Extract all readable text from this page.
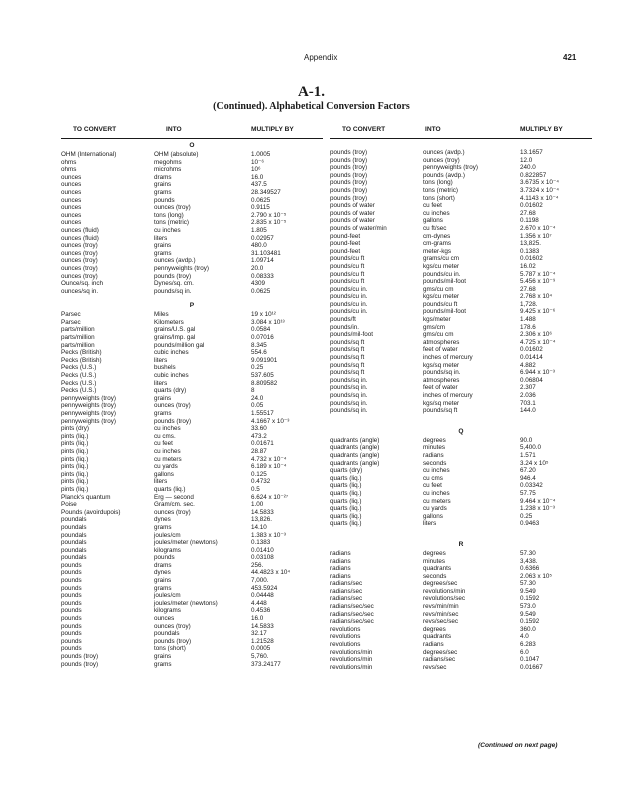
Appendix	421
A-1.
(Continued). Alphabetical Conversion Factors
TO CONVERT	INTO	MULTIPLY BY
O
OHM (International)	OHM (absolute)	1.0005
ohms	megohms	10⁻⁶
ohms	microhms	10⁶
ounces	drams	16.0
ounces	grains	437.5
ounces	grams	28.349527
ounces	pounds	0.0625
ounces	ounces (troy)	0.9115
ounces	tons (long)	2.790 x 10⁻⁵
ounces	tons (metric)	2.835 x 10⁻⁵
ounces (fluid)	cu inches	1.805
ounces (fluid)	liters	0.02957
ounces (troy)	grains	480.0
ounces (troy)	grams	31.103481
ounces (troy)	ounces (avdp.)	1.09714
ounces (troy)	pennyweights (troy)	20.0
ounces (troy)	pounds (troy)	0.08333
Ounce/sq. inch	Dynes/sq. cm.	4309
ounces/sq in.	pounds/sq in.	0.0625
P
Parsec	Miles	19 x 10¹²
Parsec	Kilometers	3.084 x 10¹³
parts/million	grains/U.S. gal	0.0584
parts/million	grains/Imp. gal	0.07016
parts/million	pounds/million gal	8.345
Pecks (British)	cubic inches	554.6
Pecks (British)	liters	9.091901
Pecks (U.S.)	bushels	0.25
Pecks (U.S.)	cubic inches	537.605
Pecks (U.S.)	liters	8.809582
Pecks (U.S.)	quarts (dry)	8
pennyweights (troy)	grains	24.0
pennyweights (troy)	ounces (troy)	0.05
pennyweights (troy)	grams	1.55517
pennyweights (troy)	pounds (troy)	4.1667 x 10⁻³
pints (dry)	cu inches	33.60
pints (liq.)	cu cms.	473.2
pints (liq.)	cu feet	0.01671
pints (liq.)	cu inches	28.87
pints (liq.)	cu meters	4.732 x 10⁻⁴
pints (liq.)	cu yards	6.189 x 10⁻⁴
pints (liq.)	gallons	0.125
pints (liq.)	liters	0.4732
pints (liq.)	quarts (liq.)	0.5
Planck's quantum	Erg — second	6.624 x 10⁻²⁷
Poise	Gram/cm. sec.	1.00
Pounds (avoirdupois)	ounces (troy)	14.5833
poundals	dynes	13,826.
poundals	grams	14.10
poundals	joules/cm	1.383 x 10⁻³
poundals	joules/meter (newtons)	0.1383
poundals	kilograms	0.01410
poundals	pounds	0.03108
pounds	drams	256.
pounds	dynes	44.4823 x 10⁴
pounds	grains	7,000.
pounds	grams	453.5924
pounds	joules/cm	0.04448
pounds	joules/meter (newtons)	4.448
pounds	kilograms	0.4536
pounds	ounces	16.0
pounds	ounces (troy)	14.5833
pounds	poundals	32.17
pounds	pounds (troy)	1.21528
pounds	tons (short)	0.0005
pounds (troy)	grains	5,760.
pounds (troy)	grams	373.24177
TO CONVERT	INTO	MULTIPLY BY
pounds (troy)	ounces (avdp.)	13.1657
pounds (troy)	ounces (troy)	12.0
pounds (troy)	pennyweights (troy)	240.0
pounds (troy)	pounds (avdp.)	0.822857
pounds (troy)	tons (long)	3.6735 x 10⁻⁴
pounds (troy)	tons (metric)	3.7324 x 10⁻⁴
pounds (troy)	tons (short)	4.1143 x 10⁻⁴
pounds of water	cu feet	0.01602
pounds of water	cu inches	27.68
pounds of water	gallons	0.1198
pounds of water/min	cu ft/sec	2.670 x 10⁻⁴
pound-feet	cm-dynes	1.356 x 10⁷
pound-feet	cm-grams	13,825.
pound-feet	meter-kgs	0.1383
pounds/cu ft	grams/cu cm	0.01602
pounds/cu ft	kgs/cu meter	16.02
pounds/cu ft	pounds/cu in.	5.787 x 10⁻⁴
pounds/cu ft	pounds/mil-foot	5.456 x 10⁻⁹
pounds/cu in.	gms/cu cm	27.68
pounds/cu in.	kgs/cu meter	2.768 x 10⁴
pounds/cu in.	pounds/cu ft	1,728.
pounds/cu in.	pounds/mil-foot	9.425 x 10⁻⁶
pounds/ft	kgs/meter	1.488
pounds/in.	gms/cm	178.6
pounds/mil-foot	gms/cu cm	2.306 x 10⁶
pounds/sq ft	atmospheres	4.725 x 10⁻⁴
pounds/sq ft	feet of water	0.01602
pounds/sq ft	inches of mercury	0.01414
pounds/sq ft	kgs/sq meter	4.882
pounds/sq ft	pounds/sq in.	6.944 x 10⁻³
pounds/sq in.	atmospheres	0.06804
pounds/sq in.	feet of water	2.307
pounds/sq in.	inches of mercury	2.036
pounds/sq in.	kgs/sq meter	703.1
pounds/sq in.	pounds/sq ft	144.0
Q
quadrants (angle)	degrees	90.0
quadrants (angle)	minutes	5,400.0
quadrants (angle)	radians	1.571
quadrants (angle)	seconds	3.24 x 10⁵
quarts (dry)	cu inches	67.20
quarts (liq.)	cu cms	946.4
quarts (liq.)	cu feet	0.03342
quarts (liq.)	cu inches	57.75
quarts (liq.)	cu meters	9.464 x 10⁻⁴
quarts (liq.)	cu yards	1.238 x 10⁻³
quarts (liq.)	gallons	0.25
quarts (liq.)	liters	0.9463
R
radians	degrees	57.30
radians	minutes	3,438.
radians	quadrants	0.6366
radians	seconds	2.063 x 10⁵
radians/sec	degrees/sec	57.30
radians/sec	revolutions/min	9.549
radians/sec	revolutions/sec	0.1592
radians/sec/sec	revs/min/min	573.0
radians/sec/sec	revs/min/sec	9.549
radians/sec/sec	revs/sec/sec	0.1592
revolutions	degrees	360.0
revolutions	quadrants	4.0
revolutions	radians	6.283
revolutions/min	degrees/sec	6.0
revolutions/min	radians/sec	0.1047
revolutions/min	revs/sec	0.01667
(Continued on next page)
